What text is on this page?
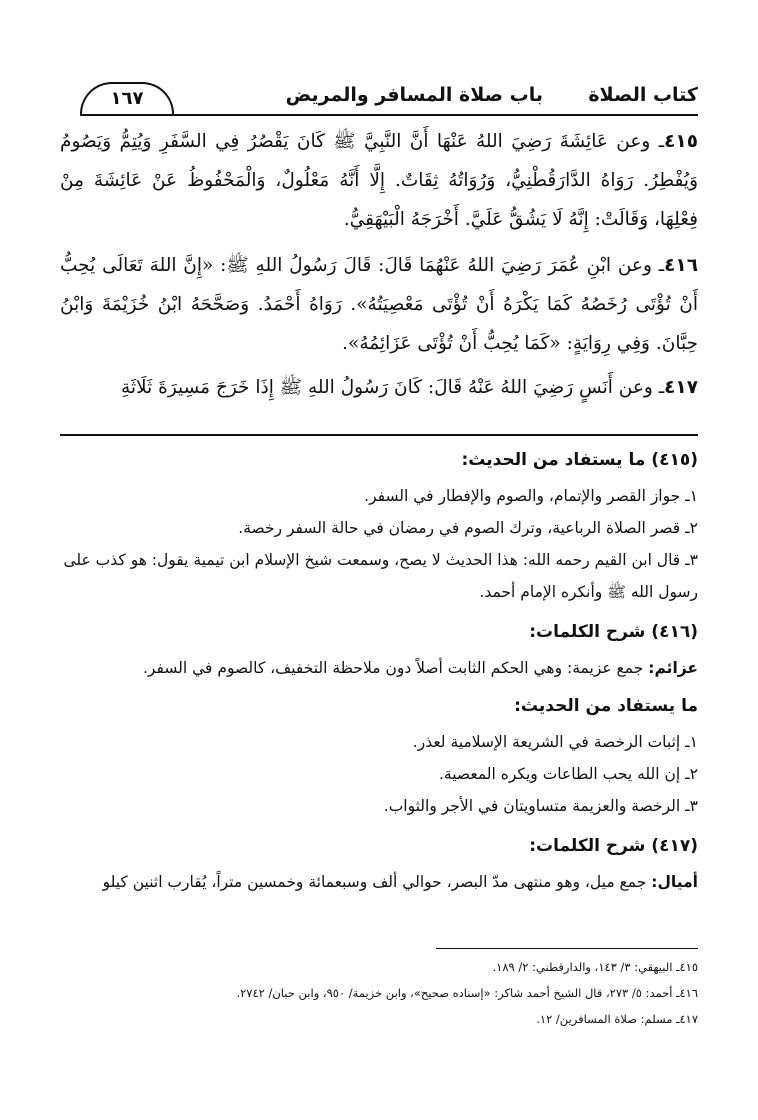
كتاب الصلاة
باب صلاة المسافر والمريض
١٦٧
٤١٥ـ وعن عَائِشَةَ رَضِيَ اللهُ عَنْهَا أَنَّ النَّبِيَّ ﷺ كَانَ يَقْصُرُ فِي السَّفَرِ وَيُتِمُّ وَيَصُومُ وَيُفْطِرُ. رَوَاهُ الدَّارَقُطْنِيُّ، وَرُوَاتُهُ ثِقَاتٌ. إِلَّا أَنَّهُ مَعْلُولٌ، وَالْمَحْفُوظُ عَنْ عَائِشَةَ مِنْ فِعْلِهَا، وَقَالَتْ: إِنَّهُ لَا يَشُقُّ عَلَيَّ. أَخْرَجَهُ الْبَيْهَقِيُّ.
٤١٦ـ وعن ابْنِ عُمَرَ رَضِيَ اللهُ عَنْهُمَا قَالَ: قَالَ رَسُولُ اللهِ ﷺ: «إِنَّ اللهَ تَعَالَى يُحِبُّ أَنْ تُؤْتَى رُخَصُهُ كَمَا يَكْرَهُ أَنْ تُؤْتَى مَعْصِيَتُهُ». رَوَاهُ أَحْمَدُ. وَصَحَّحَهُ ابْنُ خُزَيْمَةَ وَابْنُ حِبَّانَ. وَفِي رِوَايَةٍ: «كَمَا يُحِبُّ أَنْ تُؤْتَى عَزَائِمُهُ».
٤١٧ـ وعن أَنَسٍ رَضِيَ اللهُ عَنْهُ قَالَ: كَانَ رَسُولُ اللهِ ﷺ إِذَا خَرَجَ مَسِيرَةَ ثَلَاثَةِ

(٤١٥) ما يستفاد من الحديث:

١ـ جواز القصر والإتمام، والصوم والإفطار في السفر.

٢ـ قصر الصلاة الرباعية، وترك الصوم في رمضان في حالة السفر رخصة.

٣ـ قال ابن القيم رحمه الله: هذا الحديث لا يصح، وسمعت شيخ الإسلام ابن تيمية يقول: هو كذب على رسول الله ﷺ وأنكره الإمام أحمد.

(٤١٦) شرح الكلمات:

عزائم: جمع عزيمة: وهي الحكم الثابت أصلاً دون ملاحظة التخفيف، كالصوم في السفر.

ما يستفاد من الحديث:

١ـ إثبات الرخصة في الشريعة الإسلامية لعذر.

٢ـ إن الله يحب الطاعات ويكره المعصية.

٣ـ الرخصة والعزيمة متساويتان في الأجر والثواب.

(٤١٧) شرح الكلمات:

أميال: جمع ميل، وهو منتهى مدّ البصر، حوالي ألف وسبعمائة وخمسين متراً، يُقارب اثنين كيلو

٤١٥ـ البيهقي: ٣/ ١٤٣، والدارقطني: ٢/ ١٨٩.
٤١٦ـ أحمد: ٥/ ٢٧٣، قال الشيخ أحمد شاكر: «إسناده صحيح»، وابن خزيمة/ ٩٥٠، وابن حبان/ ٢٧٤٢.
٤١٧ـ مسلم: صلاة المسافرين/ ١٢.
